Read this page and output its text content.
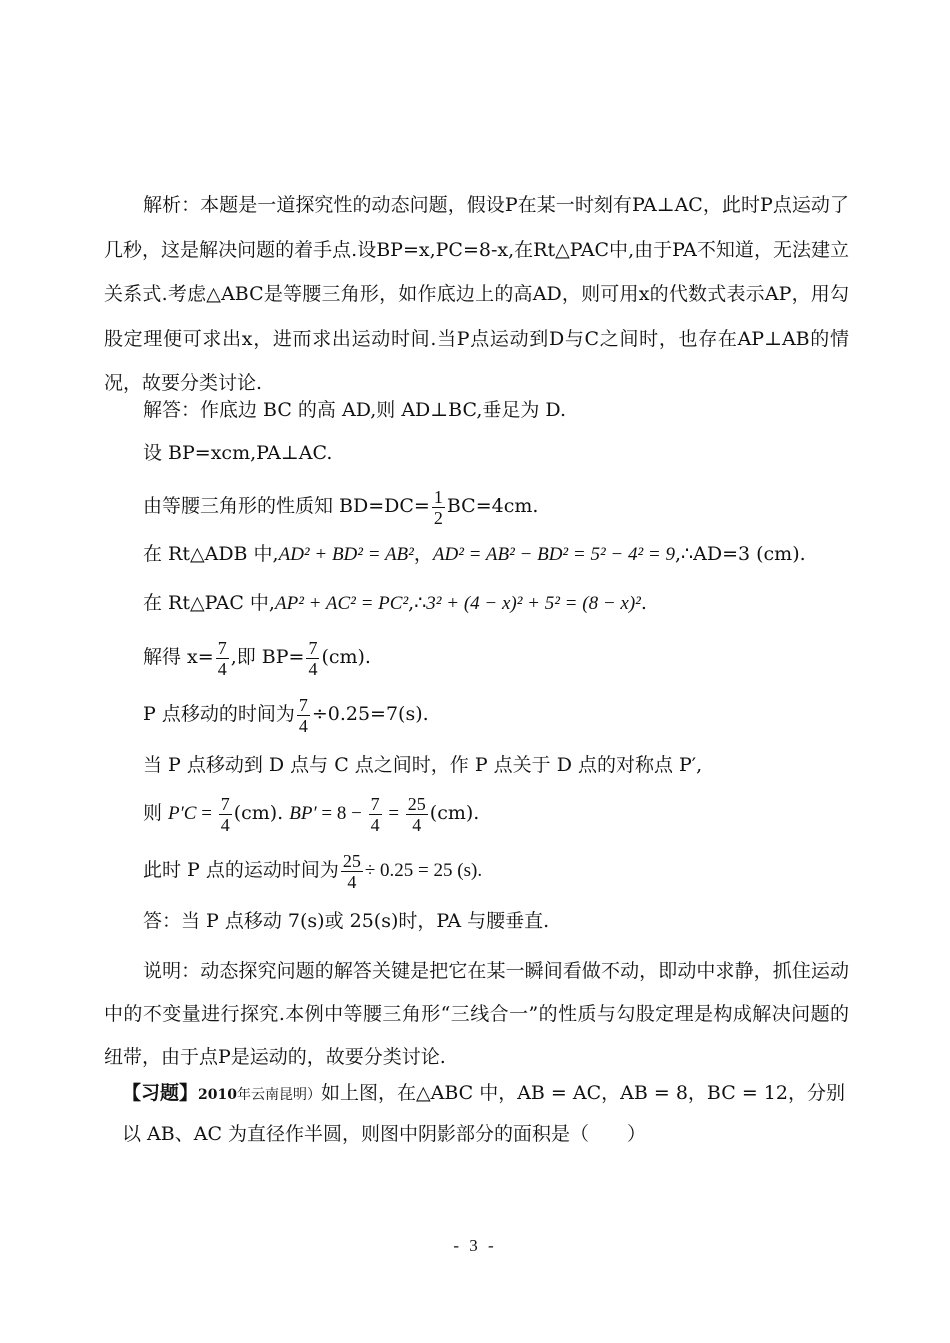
解析：本题是一道探究性的动态问题，假设P在某一时刻有PA⊥AC，此时P点运动了几秒，这是解决问题的着手点.设BP=x,PC=8-x,在Rt△PAC中,由于PA不知道，无法建立关系式.考虑△ABC是等腰三角形，如作底边上的高AD，则可用x的代数式表示AP，用勾股定理便可求出x，进而求出运动时间.当P点运动到D与C之间时，也存在AP⊥AB的情况，故要分类讨论.
解答：作底边 BC 的高 AD,则 AD⊥BC,垂足为 D.
设 BP=xcm,PA⊥AC.
由等腰三角形的性质知 $BD=DC= \frac{1}{2} BC=4cm$.
在 Rt△ADB 中,AD² + BD² = AB²，AD² = AB² − BD² = 5² − 4² = 9,∴AD=3 (cm).
在 Rt△PAC 中,AP² + AC² = PC²,∴3² + (4 − x)² + 5² = (8 − x)².
解得 $x= \frac{7}{4}$ ,即 $BP= \frac{7}{4} (cm)$.
P 点移动的时间为 $\frac{7}{4} \div 0.25=7(s)$.
当 P 点移动到 D 点与 C 点之间时，作 P 点关于 D 点的对称点 P′,
则 $P'C = \frac{7}{4} (cm)$. $BP' = 8 - \frac{7}{4} = \frac{25}{4} (cm)$.
此时 P 点的运动时间为 $\frac{25}{4} \div 0.25 = 25$ (s).
答：当 P 点移动 7(s)或 25(s)时，PA 与腰垂直.
说明：动态探究问题的解答关键是把它在某一瞬间看做不动，即动中求静，抓住运动中的不变量进行探究.本例中等腰三角形“三线合一”的性质与勾股定理是构成解决问题的纽带，由于点P是运动的，故要分类讨论.
【习题】2010年云南昆明）如上图，在△ABC 中，AB = AC，AB = 8，BC = 12，分别
以 AB、AC 为直径作半圆，则图中阴影部分的面积是（　　）
- 3 -
